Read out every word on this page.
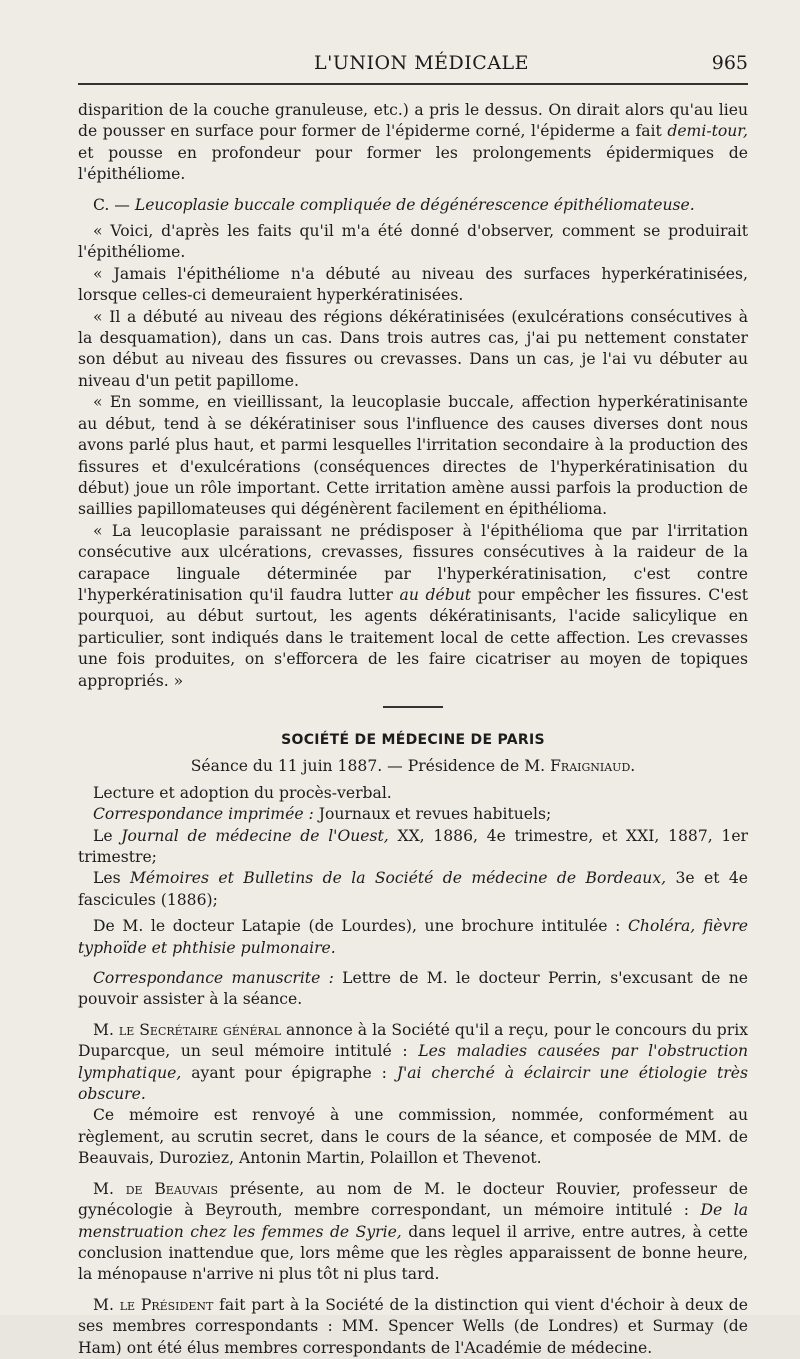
L'UNION MÉDICALE	965

disparition de la couche granuleuse, etc.) a pris le dessus. On dirait alors qu'au lieu de pousser en surface pour former de l'épiderme corné, l'épiderme a fait demi-tour, et pousse en profondeur pour former les prolongements épidermiques de l'épithéliome.

C. — Leucoplasie buccale compliquée de dégénérescence épithéliomateuse.

« Voici, d'après les faits qu'il m'a été donné d'observer, comment se produirait l'épithéliome.

« Jamais l'épithéliome n'a débuté au niveau des surfaces hyperkératinisées, lorsque celles-ci demeuraient hyperkératinisées.

« Il a débuté au niveau des régions dékératinisées (exulcérations consécutives à la desquamation), dans un cas. Dans trois autres cas, j'ai pu nettement constater son début au niveau des fissures ou crevasses. Dans un cas, je l'ai vu débuter au niveau d'un petit papillome.

« En somme, en vieillissant, la leucoplasie buccale, affection hyperkératinisante au début, tend à se dékératiniser sous l'influence des causes diverses dont nous avons parlé plus haut, et parmi lesquelles l'irritation secondaire à la production des fissures et d'exulcérations (conséquences directes de l'hyperkératinisation du début) joue un rôle important. Cette irritation amène aussi parfois la production de saillies papillomateuses qui dégénèrent facilement en épithélioma.

« La leucoplasie paraissant ne prédisposer à l'épithélioma que par l'irritation consécutive aux ulcérations, crevasses, fissures consécutives à la raideur de la carapace linguale déterminée par l'hyperkératinisation, c'est contre l'hyperkératinisation qu'il faudra lutter au début pour empêcher les fissures. C'est pourquoi, au début surtout, les agents dékératinisants, l'acide salicylique en particulier, sont indiqués dans le traitement local de cette affection. Les crevasses une fois produites, on s'efforcera de les faire cicatriser au moyen de topiques appropriés. »

SOCIÉTÉ DE MÉDECINE DE PARIS

Séance du 11 juin 1887. — Présidence de M. Fraigniaud.

Lecture et adoption du procès-verbal.

Correspondance imprimée : Journaux et revues habituels;

Le Journal de médecine de l'Ouest, XX, 1886, 4e trimestre, et XXI, 1887, 1er trimestre;

Les Mémoires et Bulletins de la Société de médecine de Bordeaux, 3e et 4e fascicules (1886);

De M. le docteur Latapie (de Lourdes), une brochure intitulée : Choléra, fièvre typhoïde et phthisie pulmonaire.

Correspondance manuscrite : Lettre de M. le docteur Perrin, s'excusant de ne pouvoir assister à la séance.

M. le Secrétaire général annonce à la Société qu'il a reçu, pour le concours du prix Duparcque, un seul mémoire intitulé : Les maladies causées par l'obstruction lymphatique, ayant pour épigraphe : J'ai cherché à éclaircir une étiologie très obscure.

Ce mémoire est renvoyé à une commission, nommée, conformément au règlement, au scrutin secret, dans le cours de la séance, et composée de MM. de Beauvais, Duroziez, Antonin Martin, Polaillon et Thevenot.

M. de Beauvais présente, au nom de M. le docteur Rouvier, professeur de gynécologie à Beyrouth, membre correspondant, un mémoire intitulé : De la menstruation chez les femmes de Syrie, dans lequel il arrive, entre autres, à cette conclusion inattendue que, lors même que les règles apparaissent de bonne heure, la ménopause n'arrive ni plus tôt ni plus tard.

M. le Président fait part à la Société de la distinction qui vient d'échoir à deux de ses membres correspondants : MM. Spencer Wells (de Londres) et Surmay (de Ham) ont été élus membres correspondants de l'Académie de médecine.
